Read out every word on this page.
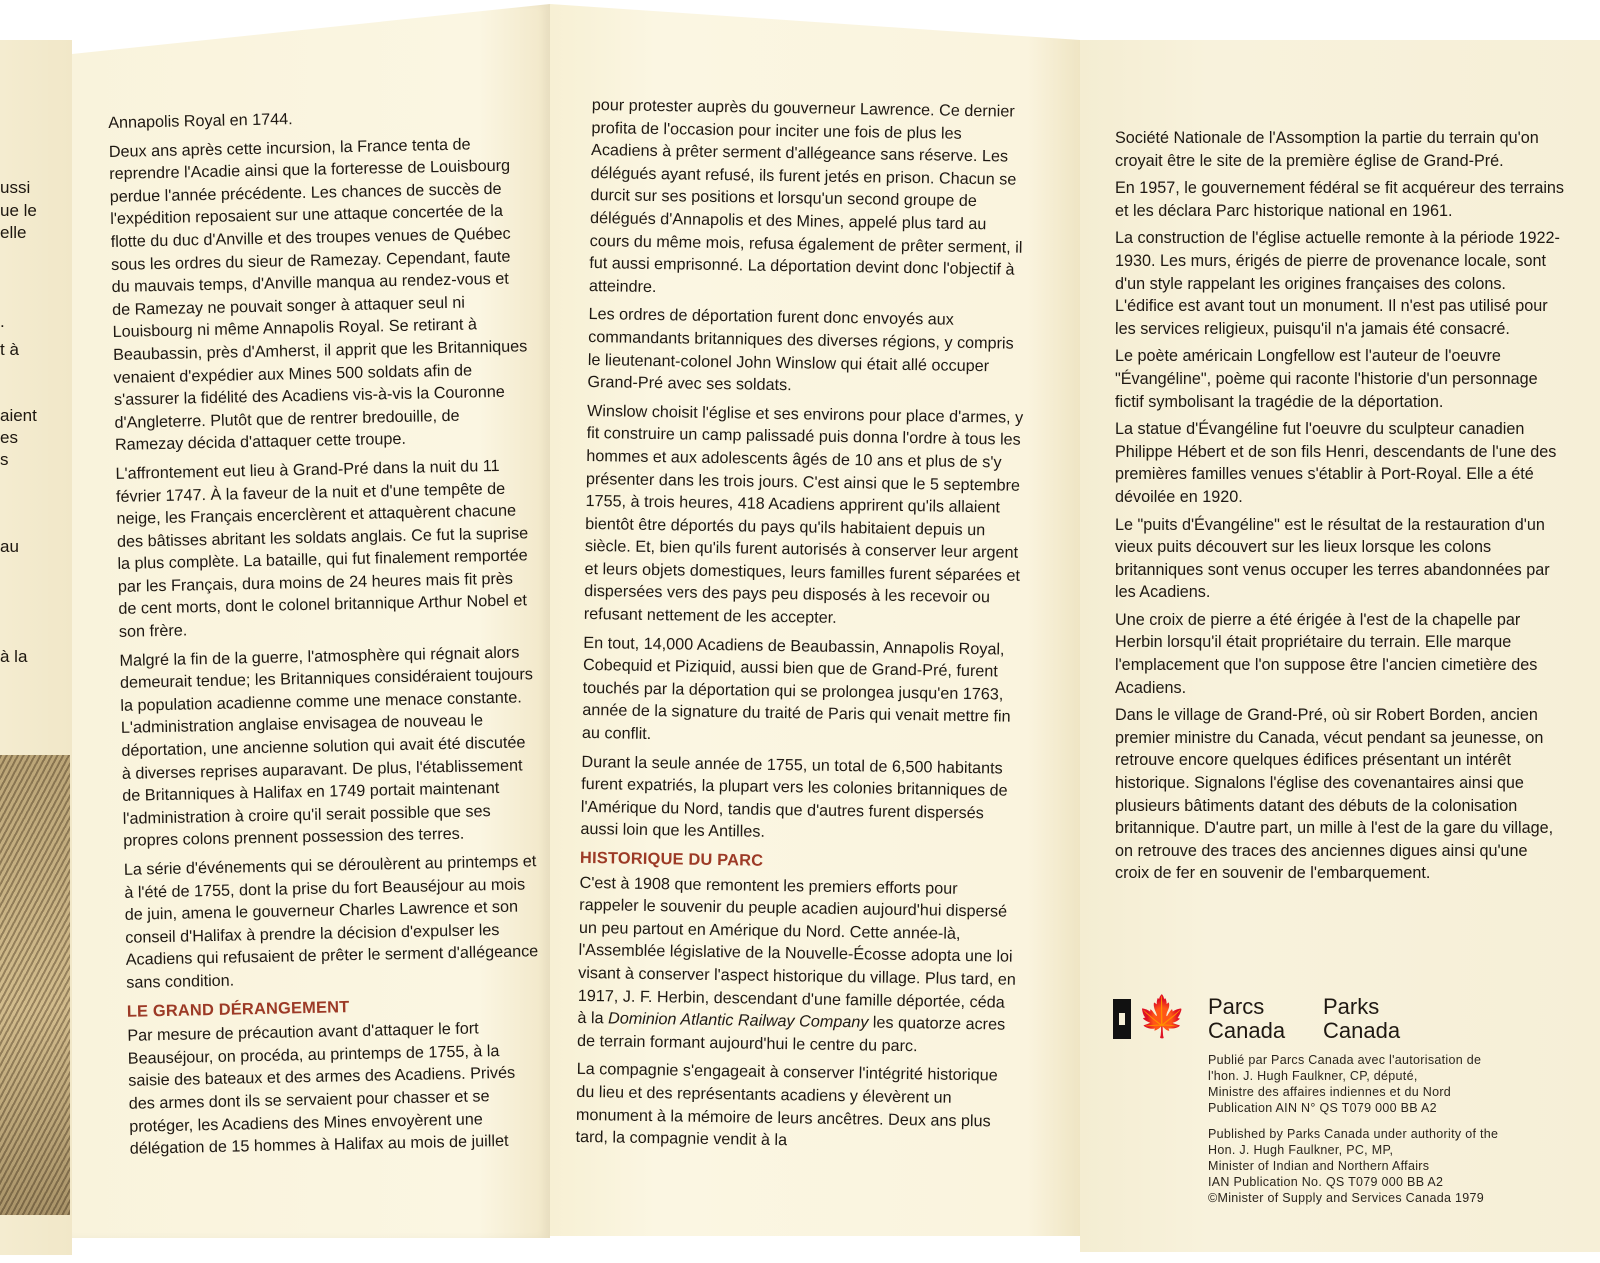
ussi
ue le
elle
.
t à
aient
es
s
au
à la

Annapolis Royal en 1744.

Deux ans après cette incursion, la France tenta de reprendre l'Acadie ainsi que la forteresse de Louisbourg perdue l'année précédente. Les chances de succès de l'expédition reposaient sur une attaque concertée de la flotte du duc d'Anville et des troupes venues de Québec sous les ordres du sieur de Ramezay. Cependant, faute du mauvais temps, d'Anville manqua au rendez-vous et de Ramezay ne pouvait songer à attaquer seul ni Louisbourg ni même Annapolis Royal. Se retirant à Beaubassin, près d'Amherst, il apprit que les Britanniques venaient d'expédier aux Mines 500 soldats afin de s'assurer la fidélité des Acadiens vis-à-vis la Couronne d'Angleterre. Plutôt que de rentrer bredouille, de Ramezay décida d'attaquer cette troupe.

L'affrontement eut lieu à Grand-Pré dans la nuit du 11 février 1747. À la faveur de la nuit et d'une tempête de neige, les Français encerclèrent et attaquèrent chacune des bâtisses abritant les soldats anglais. Ce fut la suprise la plus complète. La bataille, qui fut finalement remportée par les Français, dura moins de 24 heures mais fit près de cent morts, dont le colonel britannique Arthur Nobel et son frère.

Malgré la fin de la guerre, l'atmosphère qui régnait alors demeurait tendue; les Britanniques considéraient toujours la population acadienne comme une menace constante. L'administration anglaise envisagea de nouveau le déportation, une ancienne solution qui avait été discutée à diverses reprises auparavant. De plus, l'établissement de Britanniques à Halifax en 1749 portait maintenant l'administration à croire qu'il serait possible que ses propres colons prennent possession des terres.

La série d'événements qui se déroulèrent au printemps et à l'été de 1755, dont la prise du fort Beauséjour au mois de juin, amena le gouverneur Charles Lawrence et son conseil d'Halifax à prendre la décision d'expulser les Acadiens qui refusaient de prêter le serment d'allégeance sans condition.

LE GRAND DÉRANGEMENT

Par mesure de précaution avant d'attaquer le fort Beauséjour, on procéda, au printemps de 1755, à la saisie des bateaux et des armes des Acadiens. Privés des armes dont ils se servaient pour chasser et se protéger, les Acadiens des Mines envoyèrent une délégation de 15 hommes à Halifax au mois de juillet

pour protester auprès du gouverneur Lawrence. Ce dernier profita de l'occasion pour inciter une fois de plus les Acadiens à prêter serment d'allégeance sans réserve. Les délégués ayant refusé, ils furent jetés en prison. Chacun se durcit sur ses positions et lorsqu'un second groupe de délégués d'Annapolis et des Mines, appelé plus tard au cours du même mois, refusa également de prêter serment, il fut aussi emprisonné. La déportation devint donc l'objectif à atteindre.

Les ordres de déportation furent donc envoyés aux commandants britanniques des diverses régions, y compris le lieutenant-colonel John Winslow qui était allé occuper Grand-Pré avec ses soldats.

Winslow choisit l'église et ses environs pour place d'armes, y fit construire un camp palissadé puis donna l'ordre à tous les hommes et aux adolescents âgés de 10 ans et plus de s'y présenter dans les trois jours. C'est ainsi que le 5 septembre 1755, à trois heures, 418 Acadiens apprirent qu'ils allaient bientôt être déportés du pays qu'ils habitaient depuis un siècle. Et, bien qu'ils furent autorisés à conserver leur argent et leurs objets domestiques, leurs familles furent séparées et dispersées vers des pays peu disposés à les recevoir ou refusant nettement de les accepter.

En tout, 14,000 Acadiens de Beaubassin, Annapolis Royal, Cobequid et Piziquid, aussi bien que de Grand-Pré, furent touchés par la déportation qui se prolongea jusqu'en 1763, année de la signature du traité de Paris qui venait mettre fin au conflit.

Durant la seule année de 1755, un total de 6,500 habitants furent expatriés, la plupart vers les colonies britanniques de l'Amérique du Nord, tandis que d'autres furent dispersés aussi loin que les Antilles.

HISTORIQUE DU PARC

C'est à 1908 que remontent les premiers efforts pour rappeler le souvenir du peuple acadien aujourd'hui dispersé un peu partout en Amérique du Nord. Cette année-là, l'Assemblée législative de la Nouvelle-Écosse adopta une loi visant à conserver l'aspect historique du village. Plus tard, en 1917, J. F. Herbin, descendant d'une famille déportée, céda à la Dominion Atlantic Railway Company les quatorze acres de terrain formant aujourd'hui le centre du parc.

La compagnie s'engageait à conserver l'intégrité historique du lieu et des représentants acadiens y élevèrent un monument à la mémoire de leurs ancêtres. Deux ans plus tard, la compagnie vendit à la

Société Nationale de l'Assomption la partie du terrain qu'on croyait être le site de la première église de Grand-Pré.

En 1957, le gouvernement fédéral se fit acquéreur des terrains et les déclara Parc historique national en 1961.

La construction de l'église actuelle remonte à la période 1922-1930. Les murs, érigés de pierre de provenance locale, sont d'un style rappelant les origines françaises des colons. L'édifice est avant tout un monument. Il n'est pas utilisé pour les services religieux, puisqu'il n'a jamais été consacré.

Le poète américain Longfellow est l'auteur de l'oeuvre "Évangéline", poème qui raconte l'historie d'un personnage fictif symbolisant la tragédie de la déportation.

La statue d'Évangéline fut l'oeuvre du sculpteur canadien Philippe Hébert et de son fils Henri, descendants de l'une des premières familles venues s'établir à Port-Royal. Elle a été dévoilée en 1920.

Le "puits d'Évangéline" est le résultat de la restauration d'un vieux puits découvert sur les lieux lorsque les colons britanniques sont venus occuper les terres abandonnées par les Acadiens.

Une croix de pierre a été érigée à l'est de la chapelle par Herbin lorsqu'il était propriétaire du terrain. Elle marque l'emplacement que l'on suppose être l'ancien cimetière des Acadiens.

Dans le village de Grand-Pré, où sir Robert Borden, ancien premier ministre du Canada, vécut pendant sa jeunesse, on retrouve encore quelques édifices présentant un intérêt historique. Signalons l'église des covenantaires ainsi que plusieurs bâtiments datant des débuts de la colonisation britannique. D'autre part, un mille à l'est de la gare du village, on retrouve des traces des anciennes digues ainsi qu'une croix de fer en souvenir de l'embarquement.

🍁 Parcs
Canada
Parks
Canada
Publié par Parcs Canada avec l'autorisation de
l'hon. J. Hugh Faulkner, CP, député,
Ministre des affaires indiennes et du Nord
Publication AIN N° QS T079 000 BB A2
Published by Parks Canada under authority of the
Hon. J. Hugh Faulkner, PC, MP,
Minister of Indian and Northern Affairs
IAN Publication No. QS T079 000 BB A2
©Minister of Supply and Services Canada 1979
